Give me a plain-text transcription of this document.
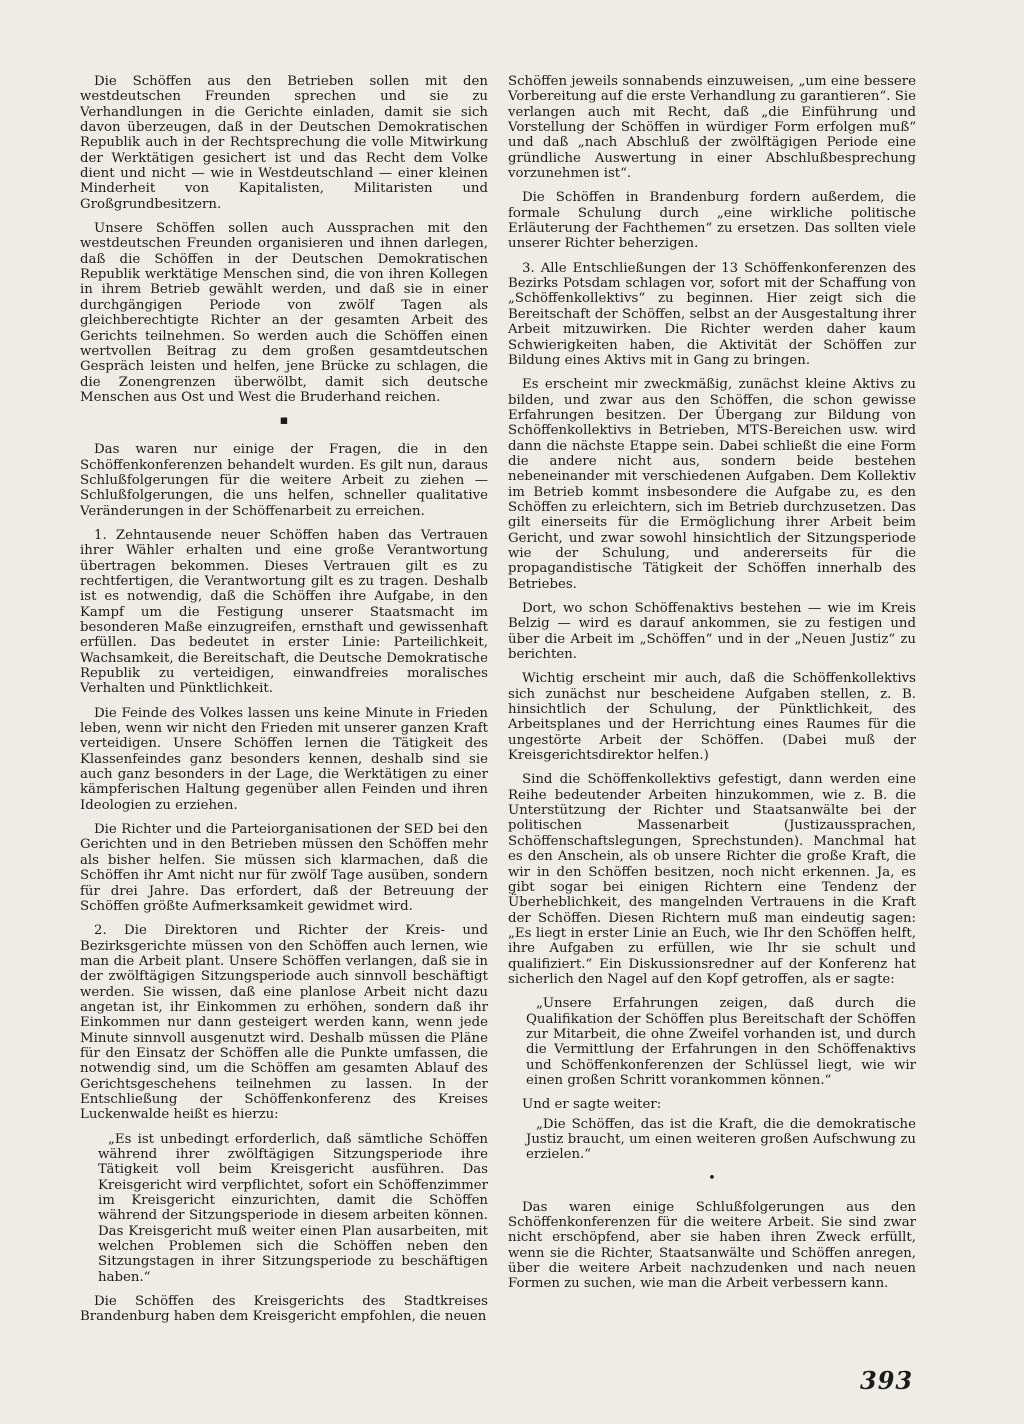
Die Schöffen aus den Betrieben sollen mit den westdeutschen Freunden sprechen und sie zu Verhandlungen in die Gerichte einladen, damit sie sich davon überzeugen, daß in der Deutschen Demokratischen Republik auch in der Rechtsprechung die volle Mitwirkung der Werktätigen gesichert ist und das Recht dem Volke dient und nicht — wie in Westdeutschland — einer kleinen Minderheit von Kapitalisten, Militaristen und Großgrundbesitzern.

Unsere Schöffen sollen auch Aussprachen mit den westdeutschen Freunden organisieren und ihnen darlegen, daß die Schöffen in der Deutschen Demokratischen Republik werktätige Menschen sind, die von ihren Kollegen in ihrem Betrieb gewählt werden, und daß sie in einer durchgängigen Periode von zwölf Tagen als gleichberechtigte Richter an der gesamten Arbeit des Gerichts teilnehmen. So werden auch die Schöffen einen wertvollen Beitrag zu dem großen gesamtdeutschen Gespräch leisten und helfen, jene Brücke zu schlagen, die die Zonengrenzen überwölbt, damit sich deutsche Menschen aus Ost und West die Bruderhand reichen.

▪

Das waren nur einige der Fragen, die in den Schöffenkonferenzen behandelt wurden. Es gilt nun, daraus Schlußfolgerungen für die weitere Arbeit zu ziehen — Schlußfolgerungen, die uns helfen, schneller qualitative Veränderungen in der Schöffenarbeit zu erreichen.

1. Zehntausende neuer Schöffen haben das Vertrauen ihrer Wähler erhalten und eine große Verantwortung übertragen bekommen. Dieses Vertrauen gilt es zu rechtfertigen, die Verantwortung gilt es zu tragen. Deshalb ist es notwendig, daß die Schöffen ihre Aufgabe, in den Kampf um die Festigung unserer Staatsmacht im besonderen Maße einzugreifen, ernsthaft und gewissenhaft erfüllen. Das bedeutet in erster Linie: Parteilichkeit, Wachsamkeit, die Bereitschaft, die Deutsche Demokratische Republik zu verteidigen, einwandfreies moralisches Verhalten und Pünktlichkeit.

Die Feinde des Volkes lassen uns keine Minute in Frieden leben, wenn wir nicht den Frieden mit unserer ganzen Kraft verteidigen. Unsere Schöffen lernen die Tätigkeit des Klassenfeindes ganz besonders kennen, deshalb sind sie auch ganz besonders in der Lage, die Werktätigen zu einer kämpferischen Haltung gegenüber allen Feinden und ihren Ideologien zu erziehen.

Die Richter und die Parteiorganisationen der SED bei den Gerichten und in den Betrieben müssen den Schöffen mehr als bisher helfen. Sie müssen sich klarmachen, daß die Schöffen ihr Amt nicht nur für zwölf Tage ausüben, sondern für drei Jahre. Das erfordert, daß der Betreuung der Schöffen größte Aufmerksamkeit gewidmet wird.

2. Die Direktoren und Richter der Kreis- und Bezirksgerichte müssen von den Schöffen auch lernen, wie man die Arbeit plant. Unsere Schöffen verlangen, daß sie in der zwölftägigen Sitzungsperiode auch sinnvoll beschäftigt werden. Sie wissen, daß eine planlose Arbeit nicht dazu angetan ist, ihr Einkommen zu erhöhen, sondern daß ihr Einkommen nur dann gesteigert werden kann, wenn jede Minute sinnvoll ausgenutzt wird. Deshalb müssen die Pläne für den Einsatz der Schöffen alle die Punkte umfassen, die notwendig sind, um die Schöffen am gesamten Ablauf des Gerichtsgeschehens teilnehmen zu lassen. In der Entschließung der Schöffenkonferenz des Kreises Luckenwalde heißt es hierzu:

„Es ist unbedingt erforderlich, daß sämtliche Schöffen während ihrer zwölftägigen Sitzungsperiode ihre Tätigkeit voll beim Kreisgericht ausführen. Das Kreisgericht wird verpflichtet, sofort ein Schöffenzimmer im Kreisgericht einzurichten, damit die Schöffen während der Sitzungsperiode in diesem arbeiten können. Das Kreisgericht muß weiter einen Plan ausarbeiten, mit welchen Problemen sich die Schöffen neben den Sitzungstagen in ihrer Sitzungsperiode zu beschäftigen haben.“

Die Schöffen des Kreisgerichts des Stadtkreises Brandenburg haben dem Kreisgericht empfohlen, die neuen

Schöffen jeweils sonnabends einzuweisen, „um eine bessere Vorbereitung auf die erste Verhandlung zu garantieren“. Sie verlangen auch mit Recht, daß „die Einführung und Vorstellung der Schöffen in würdiger Form erfolgen muß“ und daß „nach Abschluß der zwölftägigen Periode eine gründliche Auswertung in einer Abschlußbesprechung vorzunehmen ist“.

Die Schöffen in Brandenburg fordern außerdem, die formale Schulung durch „eine wirkliche politische Erläuterung der Fachthemen“ zu ersetzen. Das sollten viele unserer Richter beherzigen.

3. Alle Entschließungen der 13 Schöffenkonferenzen des Bezirks Potsdam schlagen vor, sofort mit der Schaffung von „Schöffenkollektivs“ zu beginnen. Hier zeigt sich die Bereitschaft der Schöffen, selbst an der Ausgestaltung ihrer Arbeit mitzuwirken. Die Richter werden daher kaum Schwierigkeiten haben, die Aktivität der Schöffen zur Bildung eines Aktivs mit in Gang zu bringen.

Es erscheint mir zweckmäßig, zunächst kleine Aktivs zu bilden, und zwar aus den Schöffen, die schon gewisse Erfahrungen besitzen. Der Übergang zur Bildung von Schöffenkollektivs in Betrieben, MTS-Bereichen usw. wird dann die nächste Etappe sein. Dabei schließt die eine Form die andere nicht aus, sondern beide bestehen nebeneinander mit verschiedenen Aufgaben. Dem Kollektiv im Betrieb kommt insbesondere die Aufgabe zu, es den Schöffen zu erleichtern, sich im Betrieb durchzusetzen. Das gilt einerseits für die Ermöglichung ihrer Arbeit beim Gericht, und zwar sowohl hinsichtlich der Sitzungsperiode wie der Schulung, und andererseits für die propagandistische Tätigkeit der Schöffen innerhalb des Betriebes.

Dort, wo schon Schöffenaktivs bestehen — wie im Kreis Belzig — wird es darauf ankommen, sie zu festigen und über die Arbeit im „Schöffen“ und in der „Neuen Justiz“ zu berichten.

Wichtig erscheint mir auch, daß die Schöffenkollektivs sich zunächst nur bescheidene Aufgaben stellen, z. B. hinsichtlich der Schulung, der Pünktlichkeit, des Arbeitsplanes und der Herrichtung eines Raumes für die ungestörte Arbeit der Schöffen. (Dabei muß der Kreisgerichtsdirektor helfen.)

Sind die Schöffenkollektivs gefestigt, dann werden eine Reihe bedeutender Arbeiten hinzukommen, wie z. B. die Unterstützung der Richter und Staatsanwälte bei der politischen Massenarbeit (Justizaussprachen, Schöffenschaftslegungen, Sprechstunden). Manchmal hat es den Anschein, als ob unsere Richter die große Kraft, die wir in den Schöffen besitzen, noch nicht erkennen. Ja, es gibt sogar bei einigen Richtern eine Tendenz der Überheblichkeit, des mangelnden Vertrauens in die Kraft der Schöffen. Diesen Richtern muß man eindeutig sagen: „Es liegt in erster Linie an Euch, wie Ihr den Schöffen helft, ihre Aufgaben zu erfüllen, wie Ihr sie schult und qualifiziert.“ Ein Diskussionsredner auf der Konferenz hat sicherlich den Nagel auf den Kopf getroffen, als er sagte:

„Unsere Erfahrungen zeigen, daß durch die Qualifikation der Schöffen plus Bereitschaft der Schöffen zur Mitarbeit, die ohne Zweifel vorhanden ist, und durch die Vermittlung der Erfahrungen in den Schöffenaktivs und Schöffenkonferenzen der Schlüssel liegt, wie wir einen großen Schritt vorankommen können.“

Und er sagte weiter:

„Die Schöffen, das ist die Kraft, die die demokratische Justiz braucht, um einen weiteren großen Aufschwung zu erzielen.“

•

Das waren einige Schlußfolgerungen aus den Schöffenkonferenzen für die weitere Arbeit. Sie sind zwar nicht erschöpfend, aber sie haben ihren Zweck erfüllt, wenn sie die Richter, Staatsanwälte und Schöffen anregen, über die weitere Arbeit nachzudenken und nach neuen Formen zu suchen, wie man die Arbeit verbessern kann.

393
